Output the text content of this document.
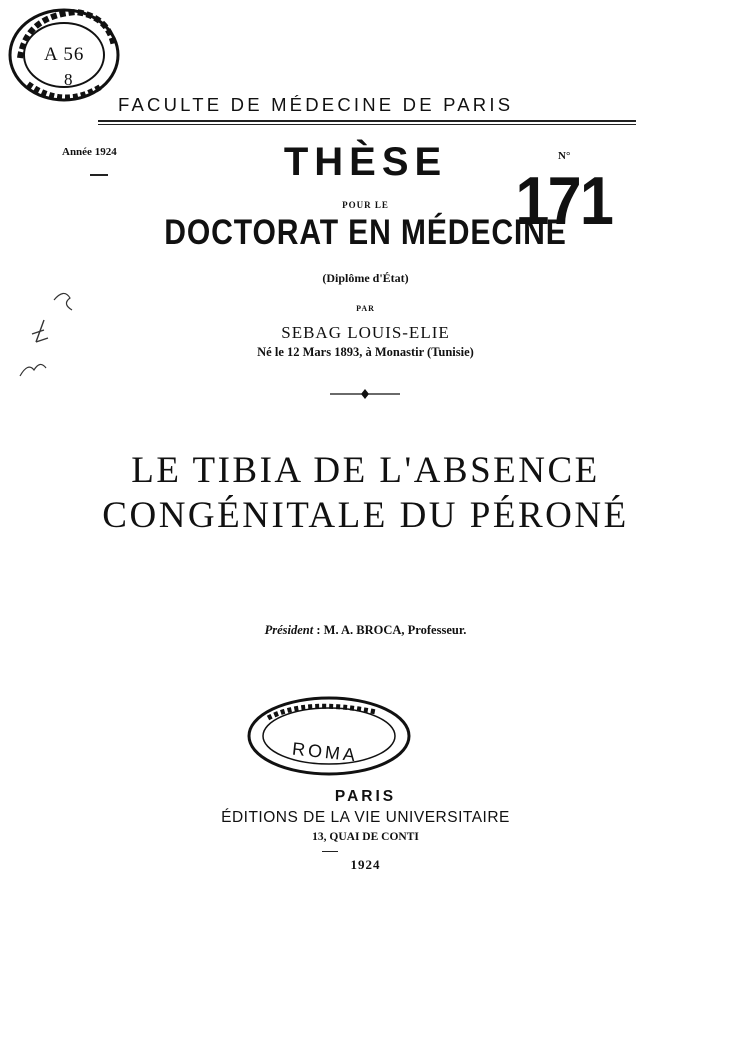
A 56
8
FACULTE DE MÉDECINE DE PARIS
Année 1924	N°
171
THÈSE
POUR LE
DOCTORAT EN MÉDECINE
(Diplôme d'État)
PAR
SEBAG LOUIS-ELIE
Né le 12 Mars 1893, à Monastir (Tunisie)
LE TIBIA DE L'ABSENCE
CONGÉNITALE DU PÉRONÉ
Président : M. A. BROCA, Professeur.
ROMA
PARIS
ÉDITIONS DE LA VIE UNIVERSITAIRE
13, QUAI DE CONTI
1924
